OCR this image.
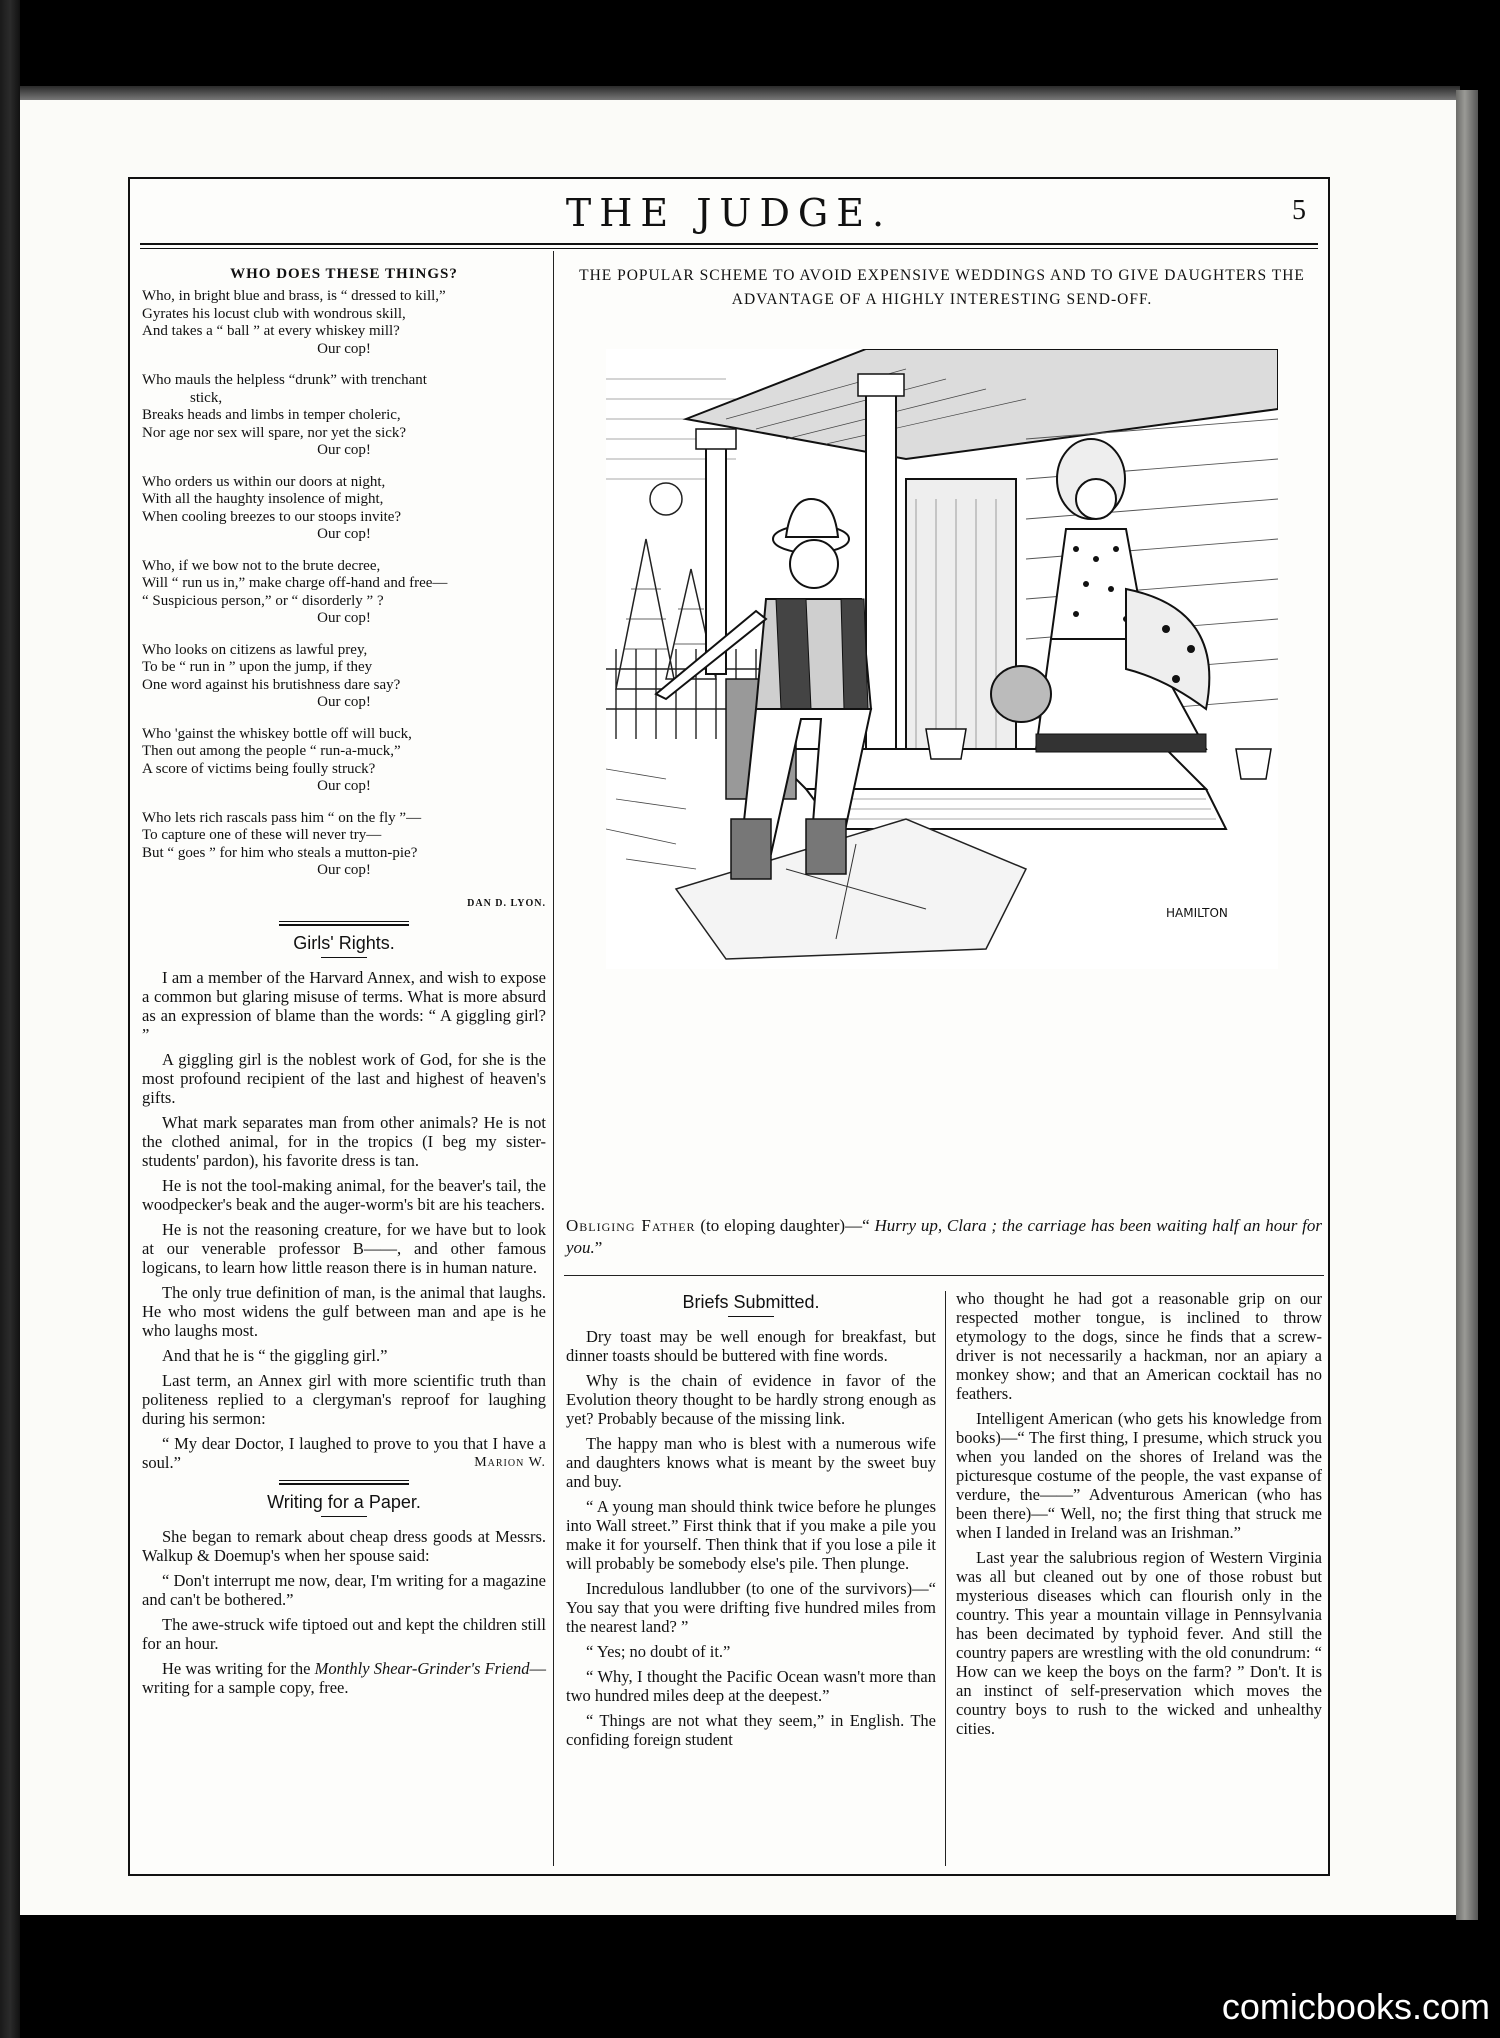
THE JUDGE.	5
WHO DOES THESE THINGS?
Who, in bright blue and brass, is “ dressed to kill,”
Gyrates his locust club with wondrous skill,
And takes a “ ball ” at every whiskey mill?
Our cop!
Who mauls the helpless “drunk” with trenchant
stick,
Breaks heads and limbs in temper choleric,
Nor age nor sex will spare, nor yet the sick?
Our cop!
Who orders us within our doors at night,
With all the haughty insolence of might,
When cooling breezes to our stoops invite?
Our cop!
Who, if we bow not to the brute decree,
Will “ run us in,” make charge off-hand and free—
“ Suspicious person,” or “ disorderly ” ?
Our cop!
Who looks on citizens as lawful prey,
To be “ run in ” upon the jump, if they
One word against his brutishness dare say?
Our cop!
Who 'gainst the whiskey bottle off will buck,
Then out among the people “ run-a-muck,”
A score of victims being foully struck?
Our cop!
Who lets rich rascals pass him “ on the fly ”—
To capture one of these will never try—
But “ goes ” for him who steals a mutton-pie?
Our cop!
DAN D. LYON.
Girls' Rights.

I am a member of the Harvard Annex, and wish to expose a common but glaring misuse of terms. What is more absurd as an expression of blame than the words: “ A giggling girl? ”

A giggling girl is the noblest work of God, for she is the most profound recipient of the last and highest of heaven's gifts.

What mark separates man from other animals? He is not the clothed animal, for in the tropics (I beg my sister-students' pardon), his favorite dress is tan.

He is not the tool-making animal, for the beaver's tail, the woodpecker's beak and the auger-worm's bit are his teachers.

He is not the reasoning creature, for we have but to look at our venerable professor B——, and other famous logicans, to learn how little reason there is in human nature.

The only true definition of man, is the animal that laughs. He who most widens the gulf between man and ape is he who laughs most.

And that he is “ the giggling girl.”

Last term, an Annex girl with more scientific truth than politeness replied to a clergyman's reproof for laughing during his sermon:

“ My dear Doctor, I laughed to prove to you that I have a soul.”	Marion W.

Writing for a Paper.

She began to remark about cheap dress goods at Messrs. Walkup & Doemup's when her spouse said:

“ Don't interrupt me now, dear, I'm writing for a magazine and can't be bothered.”

The awe-struck wife tiptoed out and kept the children still for an hour.

He was writing for the Monthly Shear-Grinder's Friend—writing for a sample copy, free.

THE POPULAR SCHEME TO AVOID EXPENSIVE WEDDINGS AND TO GIVE DAUGHTERS THE ADVANTAGE OF A HIGHLY INTERESTING SEND-OFF.
HAMILTON
Obliging Father (to eloping daughter)—“ Hurry up, Clara ; the carriage has been waiting half an hour for you.”
Briefs Submitted.

Dry toast may be well enough for breakfast, but dinner toasts should be buttered with fine words.

Why is the chain of evidence in favor of the Evolution theory thought to be hardly strong enough as yet? Probably because of the missing link.

The happy man who is blest with a numerous wife and daughters knows what is meant by the sweet buy and buy.

“ A young man should think twice before he plunges into Wall street.” First think that if you make a pile you make it for yourself. Then think that if you lose a pile it will probably be somebody else's pile. Then plunge.

Incredulous landlubber (to one of the survivors)—“ You say that you were drifting five hundred miles from the nearest land? ”

“ Yes; no doubt of it.”

“ Why, I thought the Pacific Ocean wasn't more than two hundred miles deep at the deepest.”

“ Things are not what they seem,” in English. The confiding foreign student

who thought he had got a reasonable grip on our respected mother tongue, is inclined to throw etymology to the dogs, since he finds that a screw-driver is not necessarily a hackman, nor an apiary a monkey show; and that an American cocktail has no feathers.

Intelligent American (who gets his knowledge from books)—“ The first thing, I presume, which struck you when you landed on the shores of Ireland was the picturesque costume of the people, the vast expanse of verdure, the——” Adventurous American (who has been there)—“ Well, no; the first thing that struck me when I landed in Ireland was an Irishman.”

Last year the salubrious region of Western Virginia was all but cleaned out by one of those robust but mysterious diseases which can flourish only in the country. This year a mountain village in Pennsylvania has been decimated by typhoid fever. And still the country papers are wrestling with the old conundrum: “ How can we keep the boys on the farm? ” Don't. It is an instinct of self-preservation which moves the country boys to rush to the wicked and unhealthy cities.

comicbooks.com
